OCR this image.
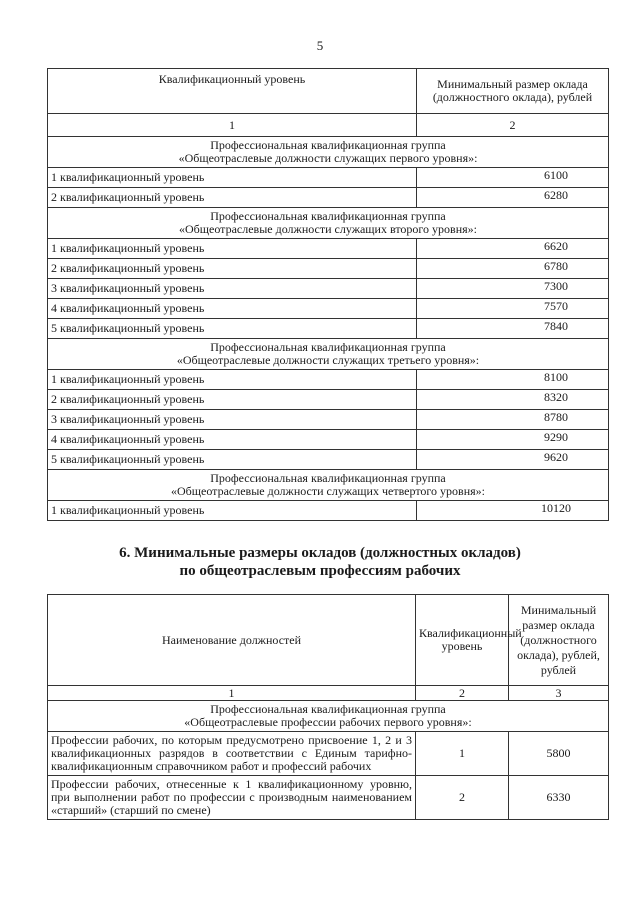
5
Квалификационный уровень	Минимальный размер оклада (должностного оклада), рублей
1	2
Профессиональная квалификационная группа
«Общеотраслевые должности служащих первого уровня»:	
1 квалификационный уровень	6100
2 квалификационный уровень	6280
Профессиональная квалификационная группа
«Общеотраслевые должности служащих второго уровня»:	
1 квалификационный уровень	6620
2 квалификационный уровень	6780
3 квалификационный уровень	7300
4 квалификационный уровень	7570
5 квалификационный уровень	7840
Профессиональная квалификационная группа
«Общеотраслевые должности служащих третьего уровня»:	
1 квалификационный уровень	8100
2 квалификационный уровень	8320
3 квалификационный уровень	8780
4 квалификационный уровень	9290
5 квалификационный уровень	9620
Профессиональная квалификационная группа
«Общеотраслевые должности служащих четвертого уровня»:	
1 квалификационный уровень	10120
6. Минимальные размеры окладов (должностных окладов)
по общеотраслевым профессиям рабочих
Наименование должностей	Квалификационный уровень	Минимальный размер оклада (должностного оклада), рублей, рублей
1	2	3
Профессиональная квалификационная группа
«Общеотраслевые профессии рабочих первого уровня»:		
Профессии рабочих, по которым предусмотрено присвоение 1, 2 и 3 квалификационных разрядов в соответствии с Единым тарифно-квалификационным справочником работ и профессий рабочих	1	5800
Профессии рабочих, отнесенные к 1 квалификационному уровню, при выполнении работ по профессии с производным наименованием «старший» (старший по смене)	2	6330
